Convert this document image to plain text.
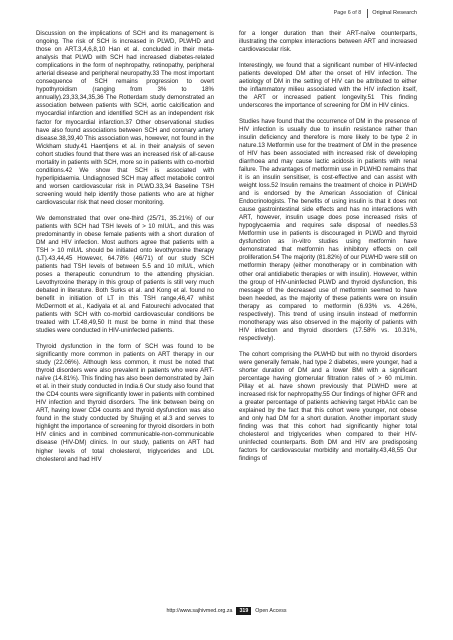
Page 6 of 8 Original Research

Discussion on the implications of SCH and its management is ongoing. The risk of SCH is increased in PLWD, PLWHD and those on ART.3,4,6,8,10 Han et al. concluded in their meta-analysis that PLWD with SCH had increased diabetes-related complications in the form of nephropathy, retinopathy, peripheral arterial disease and peripheral neuropathy.33 The most important consequence of SCH remains progression to overt hypothyroidism (ranging from 3% to 18% annually).23,33,34,35,36 The Rotterdam study demonstrated an association between patients with SCH, aortic calcification and myocardial infarction and identified SCH as an independent risk factor for myocardial infarction.37 Other observational studies have also found associations between SCH and coronary artery disease.38,39,40 This association was, however, not found in the Wickham study.41 Haentjens et al. in their analysis of seven cohort studies found that there was an increased risk of all-cause mortality in patients with SCH, more so in patients with co-morbid conditions.42 We show that SCH is associated with hyperlipidaemia. Undiagnosed SCH may affect metabolic control and worsen cardiovascular risk in PLWD.33,34 Baseline TSH screening would help identify those patients who are at higher cardiovascular risk that need closer monitoring.

We demonstrated that over one-third (25/71, 35.21%) of our patients with SCH had TSH levels of > 10 mIU/L, and this was predominantly in obese female patients with a short duration of DM and HIV infection. Most authors agree that patients with a TSH > 10 mIU/L should be initiated onto levothyroxine therapy (LT).43,44,45 However, 64.78% (46/71) of our study SCH patients had TSH levels of between 5.5 and 10 mIU/L, which poses a therapeutic conundrum to the attending physician. Levothyroxine therapy in this group of patients is still very much debated in literature. Both Surks et al. and Kong et al. found no benefit in initiation of LT in this TSH range,46,47 whilst McDermott et al., Kadiyala et al. and Fatourechi advocated that patients with SCH with co-morbid cardiovascular conditions be treated with LT.48,49,50 It must be borne in mind that these studies were conducted in HIV-uninfected patients.

Thyroid dysfunction in the form of SCH was found to be significantly more common in patients on ART therapy in our study (22.06%). Although less common, it must be noted that thyroid disorders were also prevalent in patients who were ART-naïve (14.81%). This finding has also been demonstrated by Jain et al. in their study conducted in India.6 Our study also found that the CD4 counts were significantly lower in patients with combined HIV infection and thyroid disorders. The link between being on ART, having lower CD4 counts and thyroid dysfunction was also found in the study conducted by Shuijing et al.3 and serves to highlight the importance of screening for thyroid disorders in both HIV clinics and in combined communicable-non-communicable disease (HIV-DM) clinics. In our study, patients on ART had higher levels of total cholesterol, triglycerides and LDL cholesterol and had HIV

for a longer duration than their ART-naïve counterparts, illustrating the complex interactions between ART and increased cardiovascular risk.

Interestingly, we found that a significant number of HIV-infected patients developed DM after the onset of HIV infection. The aetiology of DM in the setting of HIV can be attributed to either the inflammatory milieu associated with the HIV infection itself, the ART or increased patient longevity.51 This finding underscores the importance of screening for DM in HIV clinics.

Studies have found that the occurrence of DM in the presence of HIV infection is usually due to insulin resistance rather than insulin deficiency and therefore is more likely to be type 2 in nature.13 Metformin use for the treatment of DM in the presence of HIV has been associated with increased risk of developing diarrhoea and may cause lactic acidosis in patients with renal failure. The advantages of metformin use in PLWHD remains that it is an insulin sensitiser, is cost-effective and can assist with weight loss.52 Insulin remains the treatment of choice in PLWHD and is endorsed by the American Association of Clinical Endocrinologists. The benefits of using insulin is that it does not cause gastrointestinal side effects and has no interactions with ART, however, insulin usage does pose increased risks of hypoglycaemia and requires safe disposal of needles.53 Metformin use in patients is discouraged in PLWD and thyroid dysfunction as in-vitro studies using metformin have demonstrated that metformin has inhibitory effects on cell proliferation.54 The majority (81.82%) of our PLWHD were still on metformin therapy (either monotherapy or in combination with other oral antidiabetic therapies or with insulin). However, within the group of HIV-uninfected PLWD and thyroid dysfunction, this message of the decreased use of metformin seemed to have been heeded, as the majority of these patients were on insulin therapy as compared to metformin (6.93% vs. 4.26%, respectively). This trend of using insulin instead of metformin monotherapy was also observed in the majority of patients with HIV infection and thyroid disorders (17.58% vs. 10.31%, respectively).

The cohort comprising the PLWHD but with no thyroid disorders were generally female, had type 2 diabetes, were younger, had a shorter duration of DM and a lower BMI with a significant percentage having glomerular filtration rates of > 60 mL/min. Pillay et al. have shown previously that PLWHD were at increased risk for nephropathy.55 Our findings of higher GFR and a greater percentage of patients achieving target HbA1c can be explained by the fact that this cohort were younger, not obese and only had DM for a short duration. Another important study finding was that this cohort had significantly higher total cholesterol and triglycerides when compared to their HIV-uninfected counterparts. Both DM and HIV are predisposing factors for cardiovascular morbidity and mortality.43,48,55 Our findings of

http://www.sajhivmed.org.za	319	Open Access
